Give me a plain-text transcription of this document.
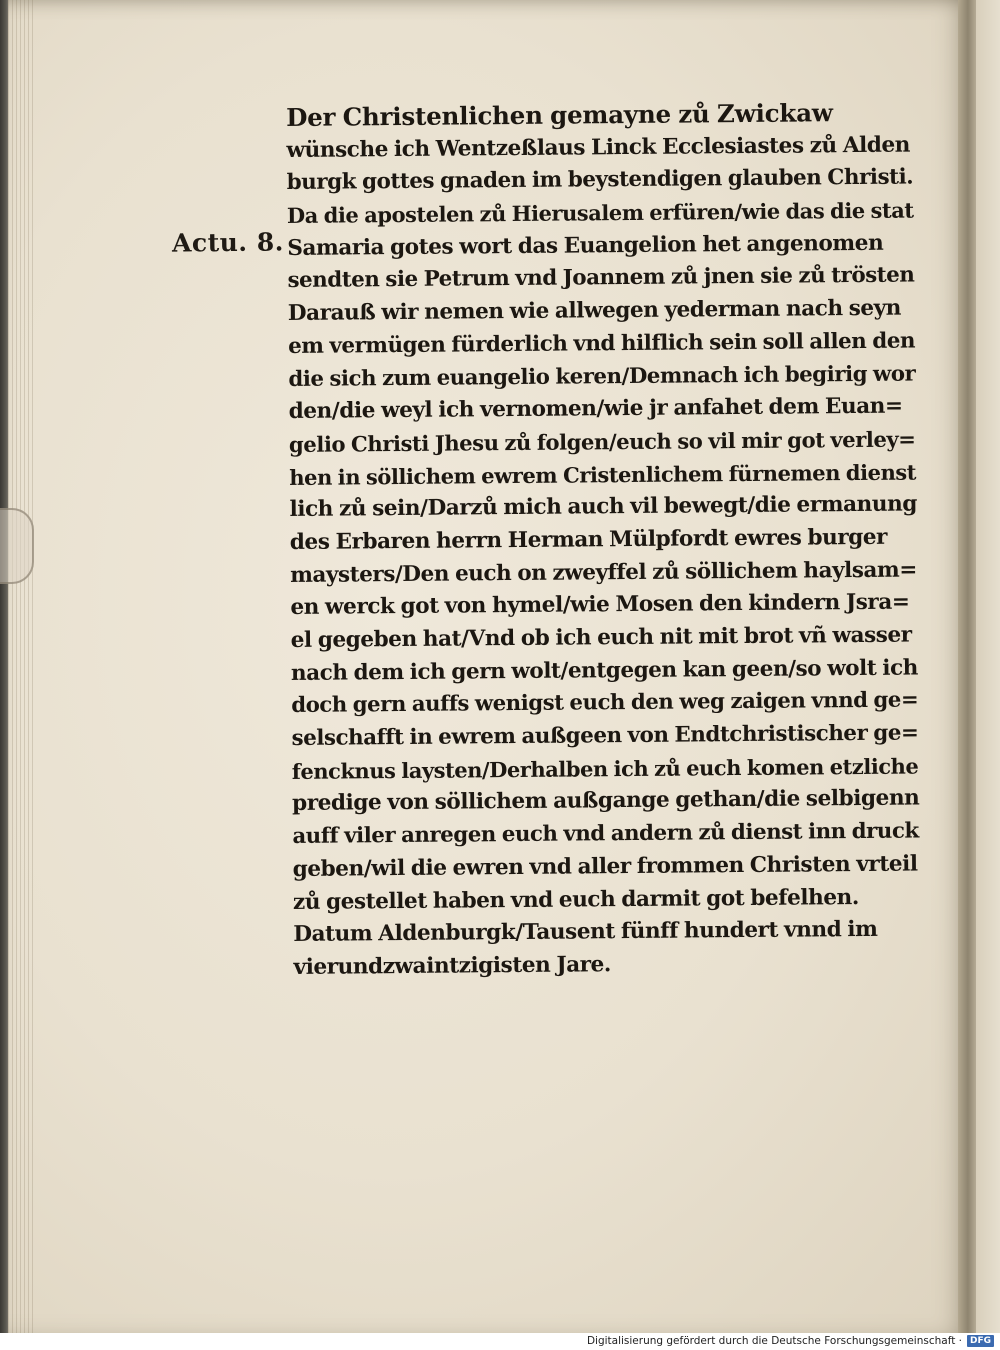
Actu. 8.
Der Christenlichen gemayne zů Zwickaw
wünsche ich Wentzeßlaus Linck Ecclesiastes zů Alden
burgk gottes gnaden im beystendigen glauben Christi.
Da die apostelen zů Hierusalem erfüren/wie das die stat
Samaria gotes wort das Euangelion het angenomen
sendten sie Petrum vnd Joannem zů jnen sie zů trösten
Darauß wir nemen wie allwegen yederman nach seyn
em vermügen fürderlich vnd hilflich sein soll allen den
die sich zum euangelio keren/Demnach ich begirig wor
den/die weyl ich vernomen/wie jr anfahet dem Euan=
gelio Christi Jhesu zů folgen/euch so vil mir got verley=
hen in söllichem ewrem Cristenlichem fürnemen dienst
lich zů sein/Darzů mich auch vil bewegt/die ermanung
des Erbaren herrn Herman Mülpfordt ewres burger
maysters/Den euch on zweyffel zů söllichem haylsam=
en werck got von hymel/wie Mosen den kindern Jsra=
el gegeben hat/Vnd ob ich euch nit mit brot vñ wasser
nach dem ich gern wolt/entgegen kan geen/so wolt ich
doch gern auffs wenigst euch den weg zaigen vnnd ge=
selschafft in ewrem außgeen von Endtchristischer ge=
fencknus laysten/Derhalben ich zů euch komen etzliche
predige von söllichem außgange gethan/die selbigenn
auff viler anregen euch vnd andern zů dienst inn druck
geben/wil die ewren vnd aller frommen Christen vrteil
zů gestellet haben vnd euch darmit got befelhen.
Datum Aldenburgk/Tausent fünff hundert vnnd im
vierundzwaintzigisten Jare.
Digitalisierung gefördert durch die Deutsche Forschungsgemeinschaft · DFG
